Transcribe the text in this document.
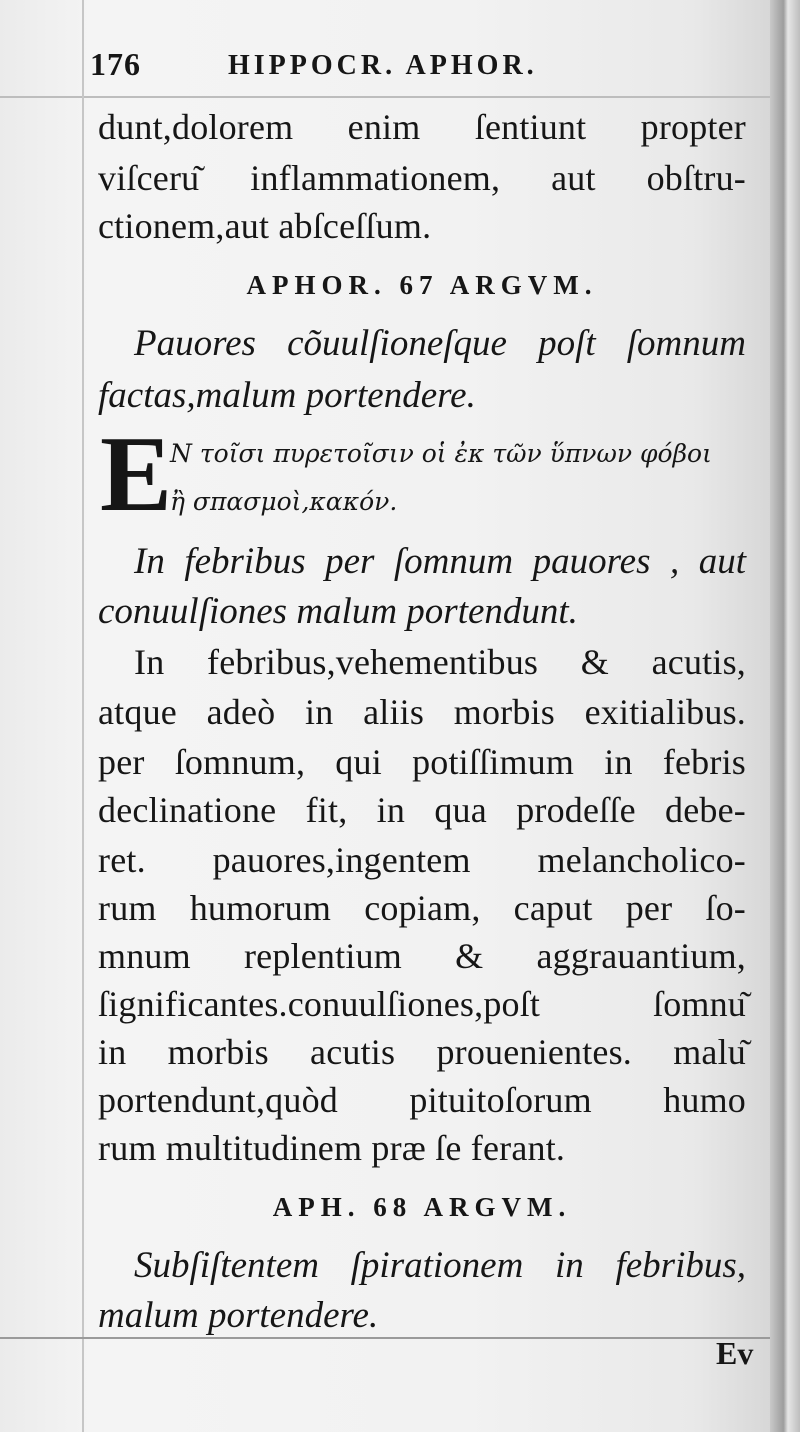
176	HIPPOCR. APHOR.
dunt,dolorem enim ſentiunt propter
viſceru͂ inflammationem, aut obſtru-
ctionem,aut abſceſſum.
APHOR. 67 ARGVM.
Pauores cõuulſioneſque poſt ſomnum
factas,malum portendere.
E
N τοῖσι πυρετοῖσιν οἱ ἐκ τῶν ὕπνων φόβοι
ἢ σπασμοὶ,κακόν.
In febribus per ſomnum pauores , aut
conuulſiones malum portendunt.
In febribus,vehementibus & acutis,
atque adeò in aliis morbis exitialibus.
per ſomnum, qui potiſſimum in febris
declinatione fit, in qua prodeſſe debe-
ret. pauores,ingentem melancholico-
rum humorum copiam, caput per ſo-
mnum replentium & aggrauantium,
ſignificantes.conuulſiones,poſt ſomnu͂
in morbis acutis prouenientes. malu͂
portendunt,quòd pituitoſorum humo
rum multitudinem præ ſe ferant.
APH. 68 ARGVM.
Subſiſtentem ſpirationem in febribus,
malum portendere.
Ev
